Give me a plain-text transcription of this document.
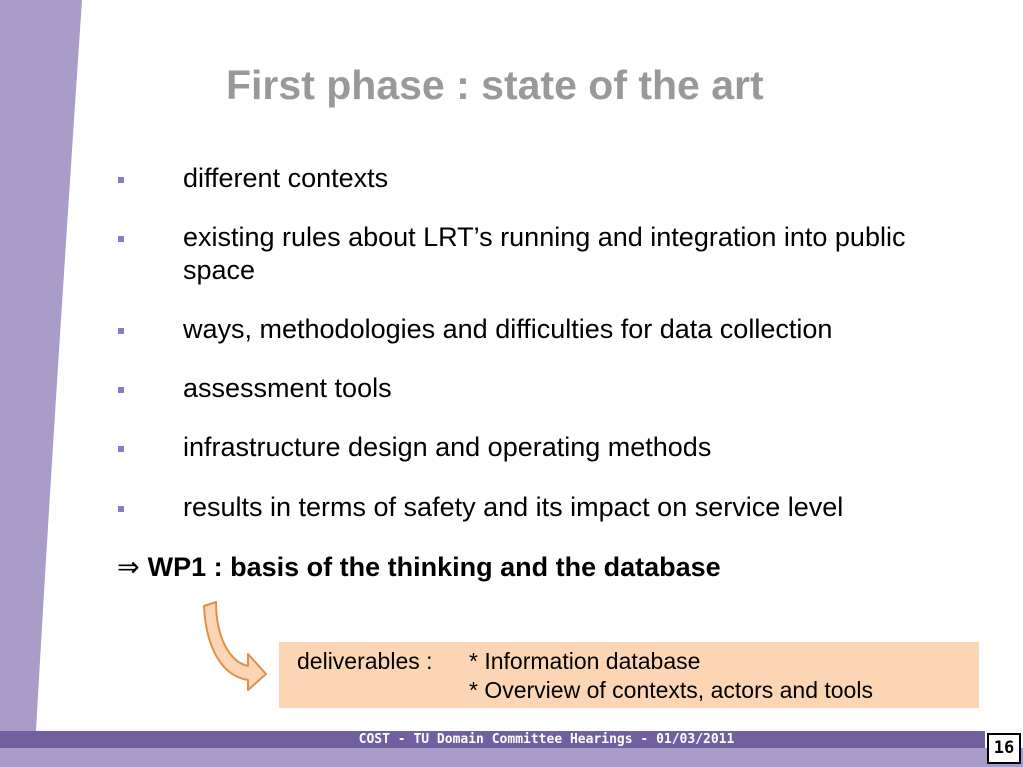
First phase : state of the art
different contexts
existing rules about LRT’s running and integration into public space
ways, methodologies and difficulties for data collection
assessment tools
infrastructure design and operating methods
results in terms of safety and its impact on service level
⇒ WP1 : basis of the thinking and the database
deliverables : * Information database
* Overview of contexts, actors and tools
COST - TU Domain Committee Hearings - 01/03/2011	16
